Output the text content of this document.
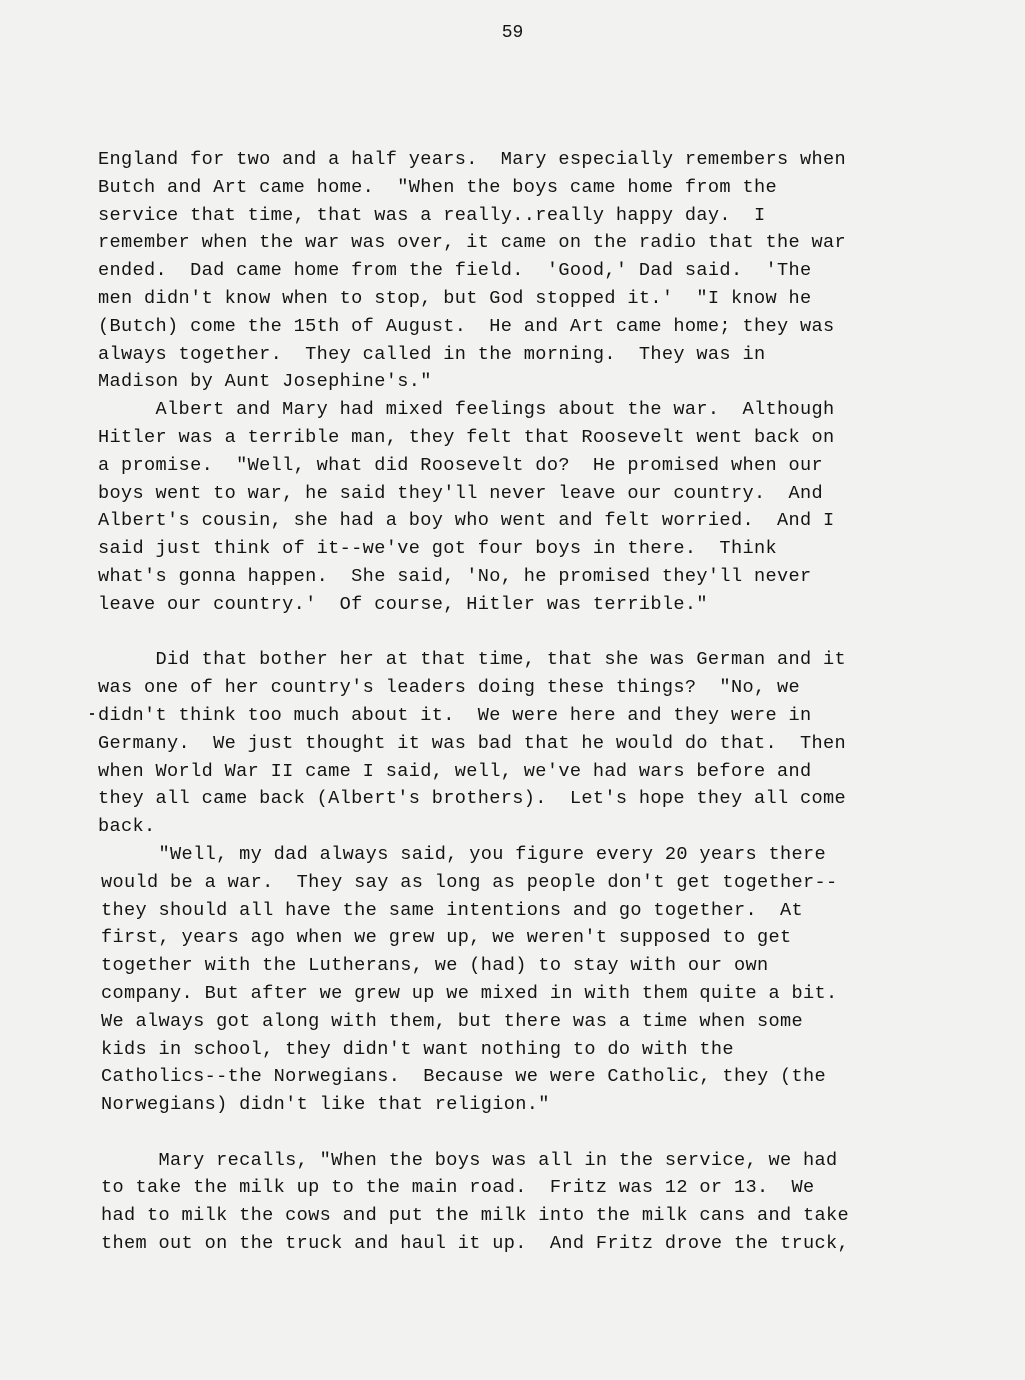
59
England for two and a half years.  Mary especially remembers when
Butch and Art came home.  "When the boys came home from the
service that time, that was a really..really happy day.  I
remember when the war was over, it came on the radio that the war
ended.  Dad came home from the field.  'Good,' Dad said.  'The
men didn't know when to stop, but God stopped it.'  "I know he
(Butch) come the 15th of August.  He and Art came home; they was
always together.  They called in the morning.  They was in
Madison by Aunt Josephine's."
Albert and Mary had mixed feelings about the war.  Although
Hitler was a terrible man, they felt that Roosevelt went back on
a promise.  "Well, what did Roosevelt do?  He promised when our
boys went to war, he said they'll never leave our country.  And
Albert's cousin, she had a boy who went and felt worried.  And I
said just think of it--we've got four boys in there.  Think
what's gonna happen.  She said, 'No, he promised they'll never
leave our country.'  Of course, Hitler was terrible."
Did that bother her at that time, that she was German and it
was one of her country's leaders doing these things?  "No, we
didn't think too much about it.  We were here and they were in
Germany.  We just thought it was bad that he would do that.  Then
when World War II came I said, well, we've had wars before and
they all came back (Albert's brothers).  Let's hope they all come
back.
"Well, my dad always said, you figure every 20 years there
would be a war.  They say as long as people don't get together--
they should all have the same intentions and go together.  At
first, years ago when we grew up, we weren't supposed to get
together with the Lutherans, we (had) to stay with our own
company. But after we grew up we mixed in with them quite a bit.
We always got along with them, but there was a time when some
kids in school, they didn't want nothing to do with the
Catholics--the Norwegians.  Because we were Catholic, they (the
Norwegians) didn't like that religion."
Mary recalls, "When the boys was all in the service, we had
to take the milk up to the main road.  Fritz was 12 or 13.  We
had to milk the cows and put the milk into the milk cans and take
them out on the truck and haul it up.  And Fritz drove the truck,
